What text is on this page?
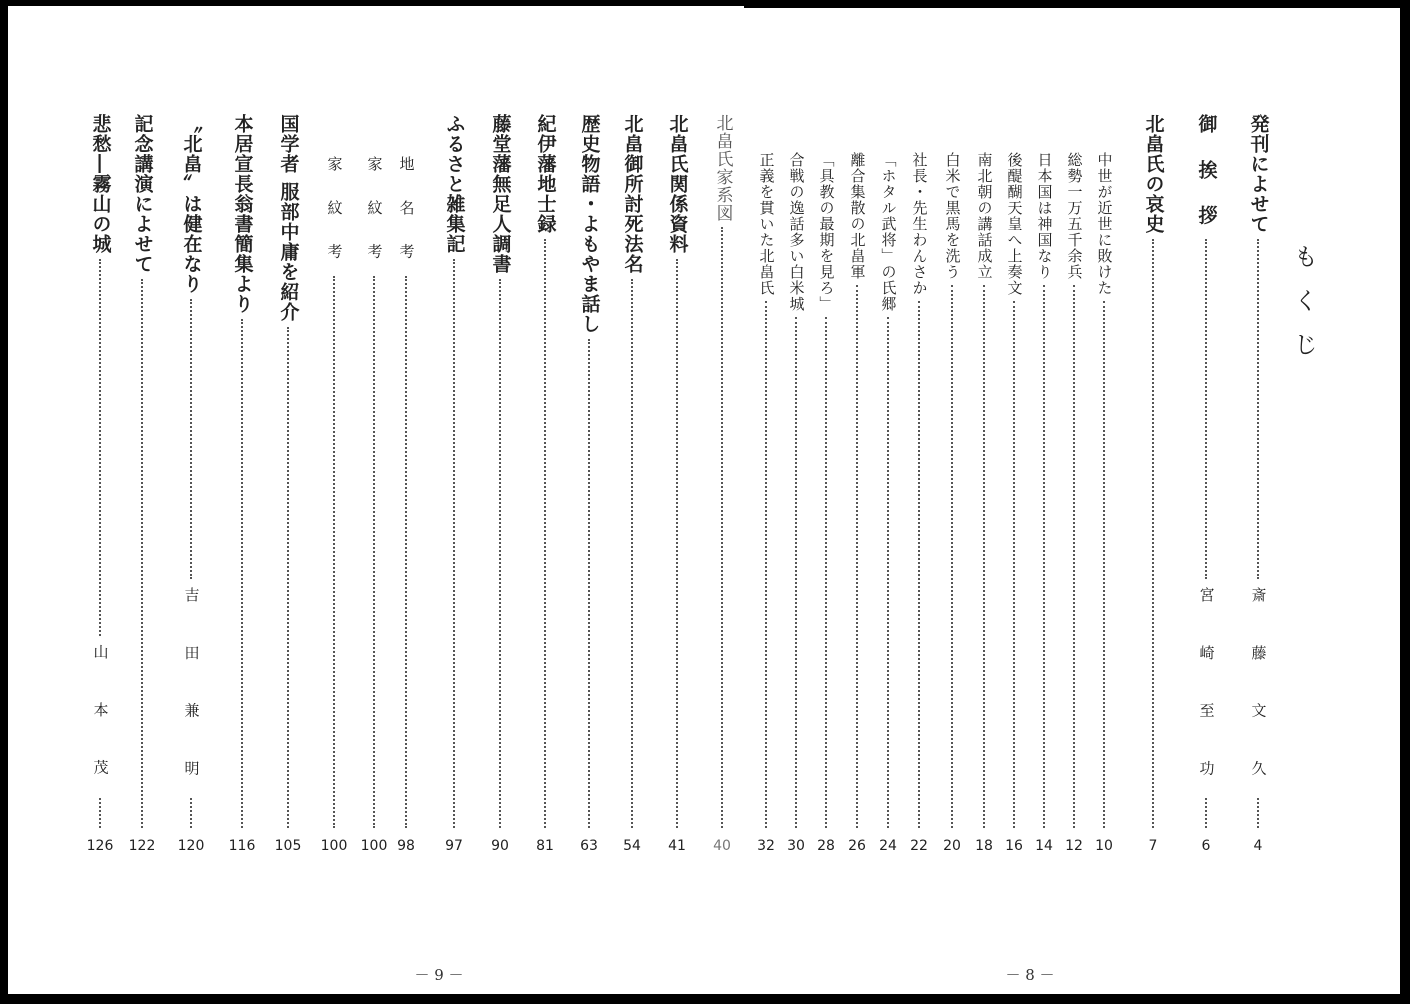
もくじ
発刊によせて
斎 藤 文 久
4
御 挨 拶
宮 崎 至 功
6
北畠氏の哀史
7
中世が近世に敗けた
10
総勢一万五千余兵
12
日本国は神国なり
14
後醍醐天皇へ上奏文
16
南北朝の講話成立
18
白米で黒馬を洗う
20
社長・先生わんさか
22
「ホタル武将」の氏郷
24
離合集散の北畠軍
26
「具教の最期を見ろ」
28
合戦の逸話多い白米城
30
正義を貫いた北畠氏
32
北畠氏家系図
40
北畠氏関係資料
41
北畠御所討死法名
54
歴史物語・よもやま話し
63
紀伊藩地士録
81
藤堂藩無足人調書
90
ふるさと雑集記
97
地 名 考
98
家 紋 考
100
家 紋 考
100
国学者 服部中庸を紹介
105
本居宣長翁書簡集より
116
〝北畠〟は健在なり
吉 田 兼 明
120
記念講演によせて
122
悲愁―霧山の城
山 本 茂
126
－ 9 －	－ 8 －
